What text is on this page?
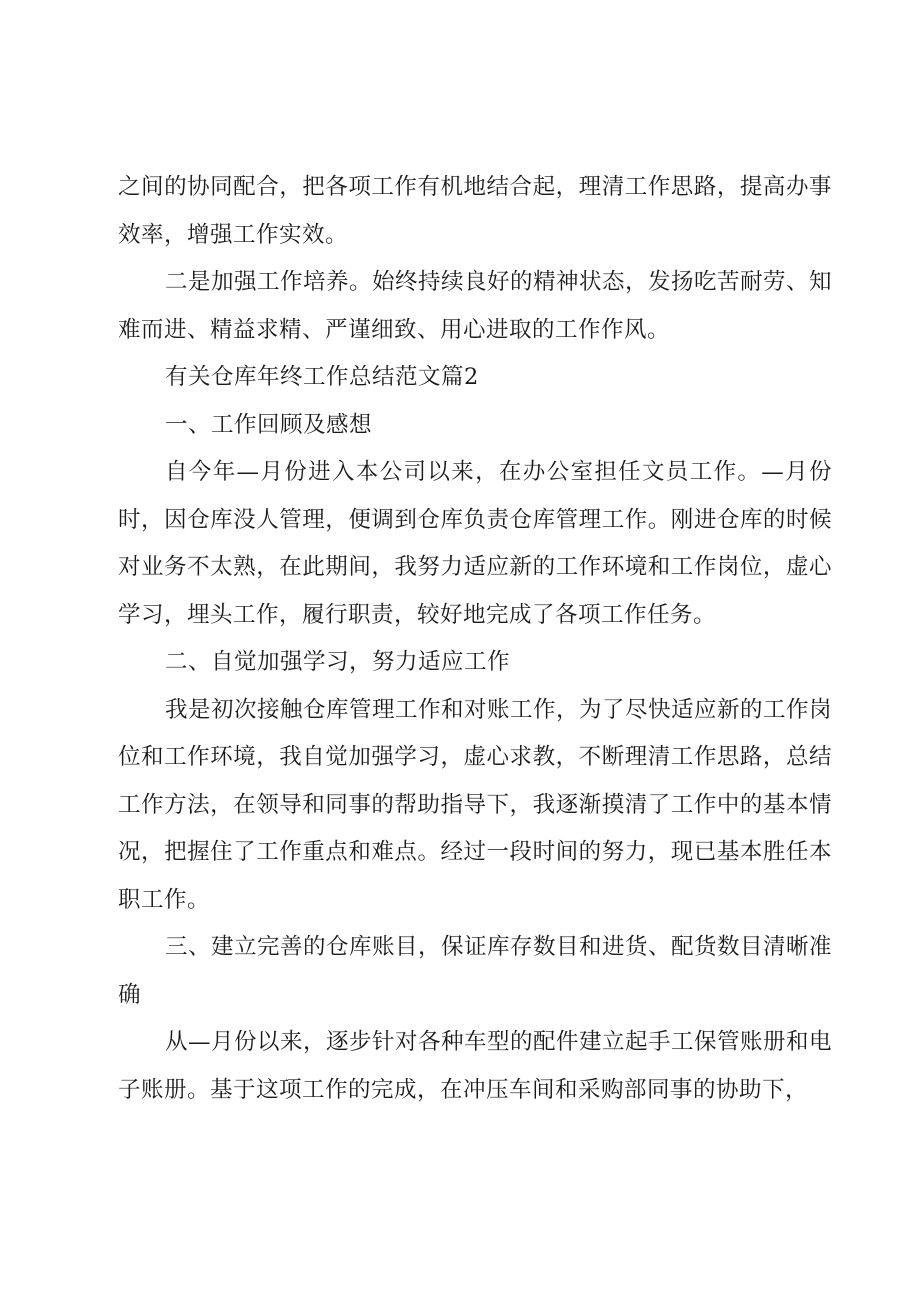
之间的协同配合，把各项工作有机地结合起，理清工作思路，提高办事效率，增强工作实效。

二是加强工作培养。始终持续良好的精神状态，发扬吃苦耐劳、知难而进、精益求精、严谨细致、用心进取的工作作风。

有关仓库年终工作总结范文篇2

一、工作回顾及感想

自今年—月份进入本公司以来，在办公室担任文员工作。—月份时，因仓库没人管理，便调到仓库负责仓库管理工作。刚进仓库的时候对业务不太熟，在此期间，我努力适应新的工作环境和工作岗位，虚心学习，埋头工作，履行职责，较好地完成了各项工作任务。

二、自觉加强学习，努力适应工作

我是初次接触仓库管理工作和对账工作，为了尽快适应新的工作岗位和工作环境，我自觉加强学习，虚心求教，不断理清工作思路，总结工作方法，在领导和同事的帮助指导下，我逐渐摸清了工作中的基本情况，把握住了工作重点和难点。经过一段时间的努力，现已基本胜任本职工作。

三、建立完善的仓库账目，保证库存数目和进货、配货数目清晰准确

从—月份以来，逐步针对各种车型的配件建立起手工保管账册和电子账册。基于这项工作的完成，在冲压车间和采购部同事的协助下，
